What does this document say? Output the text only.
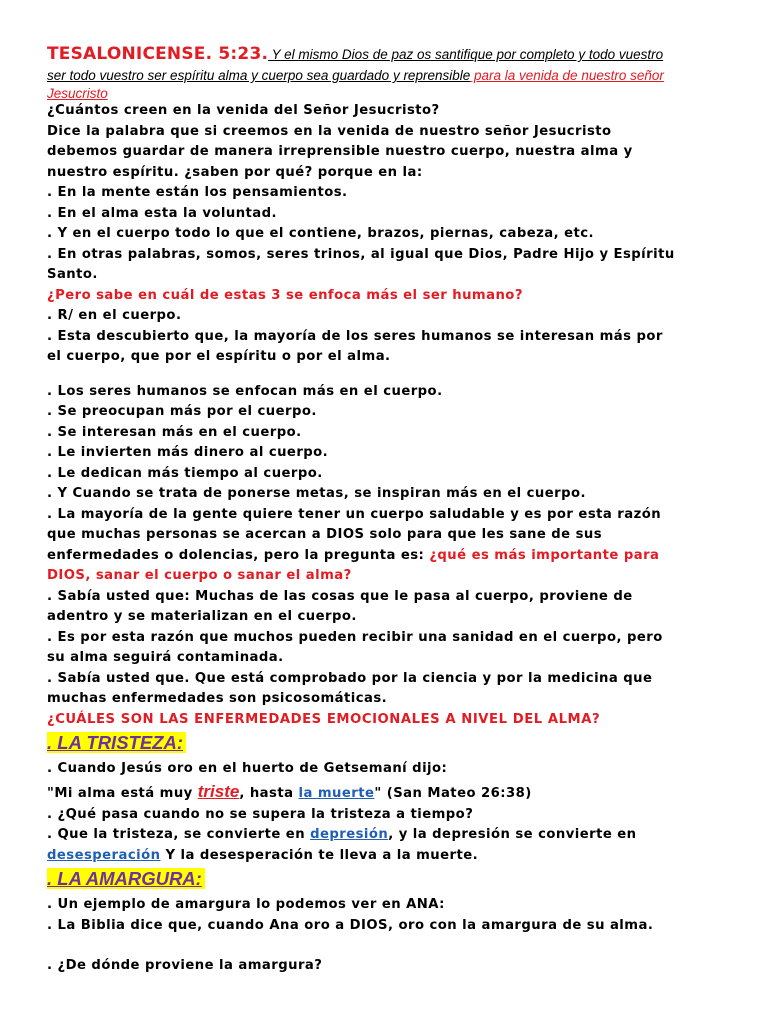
TESALONICENSE. 5:23. Y el mismo Dios de paz os santifique por completo y todo vuestro
ser todo vuestro ser espíritu alma y cuerpo sea guardado y reprensible para la venida de nuestro señor
Jesucristo
¿Cuántos creen en la venida del Señor Jesucristo?
Dice la palabra que si creemos en la venida de nuestro señor Jesucristo
debemos guardar de manera irreprensible nuestro cuerpo, nuestra alma y
nuestro espíritu. ¿saben por qué? porque en la:
. En la mente están los pensamientos.
. En el alma esta la voluntad.
. Y en el cuerpo todo lo que el contiene, brazos, piernas, cabeza, etc.
. En otras palabras, somos, seres trinos, al igual que Dios, Padre Hijo y Espíritu
Santo.
¿Pero sabe en cuál de estas 3 se enfoca más el ser humano?
. R/ en el cuerpo.
. Esta descubierto que, la mayoría de los seres humanos se interesan más por
el cuerpo, que por el espíritu o por el alma.
. Los seres humanos se enfocan más en el cuerpo.
. Se preocupan más por el cuerpo.
. Se interesan más en el cuerpo.
. Le invierten más dinero al cuerpo.
. Le dedican más tiempo al cuerpo.
. Y Cuando se trata de ponerse metas, se inspiran más en el cuerpo.
. La mayoría de la gente quiere tener un cuerpo saludable y es por esta razón
que muchas personas se acercan a DIOS solo para que les sane de sus
enfermedades o dolencias, pero la pregunta es: ¿qué es más importante para
DIOS, sanar el cuerpo o sanar el alma?
. Sabía usted que: Muchas de las cosas que le pasa al cuerpo, proviene de
adentro y se materializan en el cuerpo.
. Es por esta razón que muchos pueden recibir una sanidad en el cuerpo, pero
su alma seguirá contaminada.
. Sabía usted que. Que está comprobado por la ciencia y por la medicina que
muchas enfermedades son psicosomáticas.
¿CUÁLES SON LAS ENFERMEDADES EMOCIONALES A NIVEL DEL ALMA?
. LA TRISTEZA:
. Cuando Jesús oro en el huerto de Getsemaní dijo:
"Mi alma está muy triste, hasta la muerte" (San Mateo 26:38)
. ¿Qué pasa cuando no se supera la tristeza a tiempo?
. Que la tristeza, se convierte en depresión, y la depresión se convierte en
desesperación Y la desesperación te lleva a la muerte.
. LA AMARGURA:
. Un ejemplo de amargura lo podemos ver en ANA:
. La Biblia dice que, cuando Ana oro a DIOS, oro con la amargura de su alma.
. ¿De dónde proviene la amargura?
